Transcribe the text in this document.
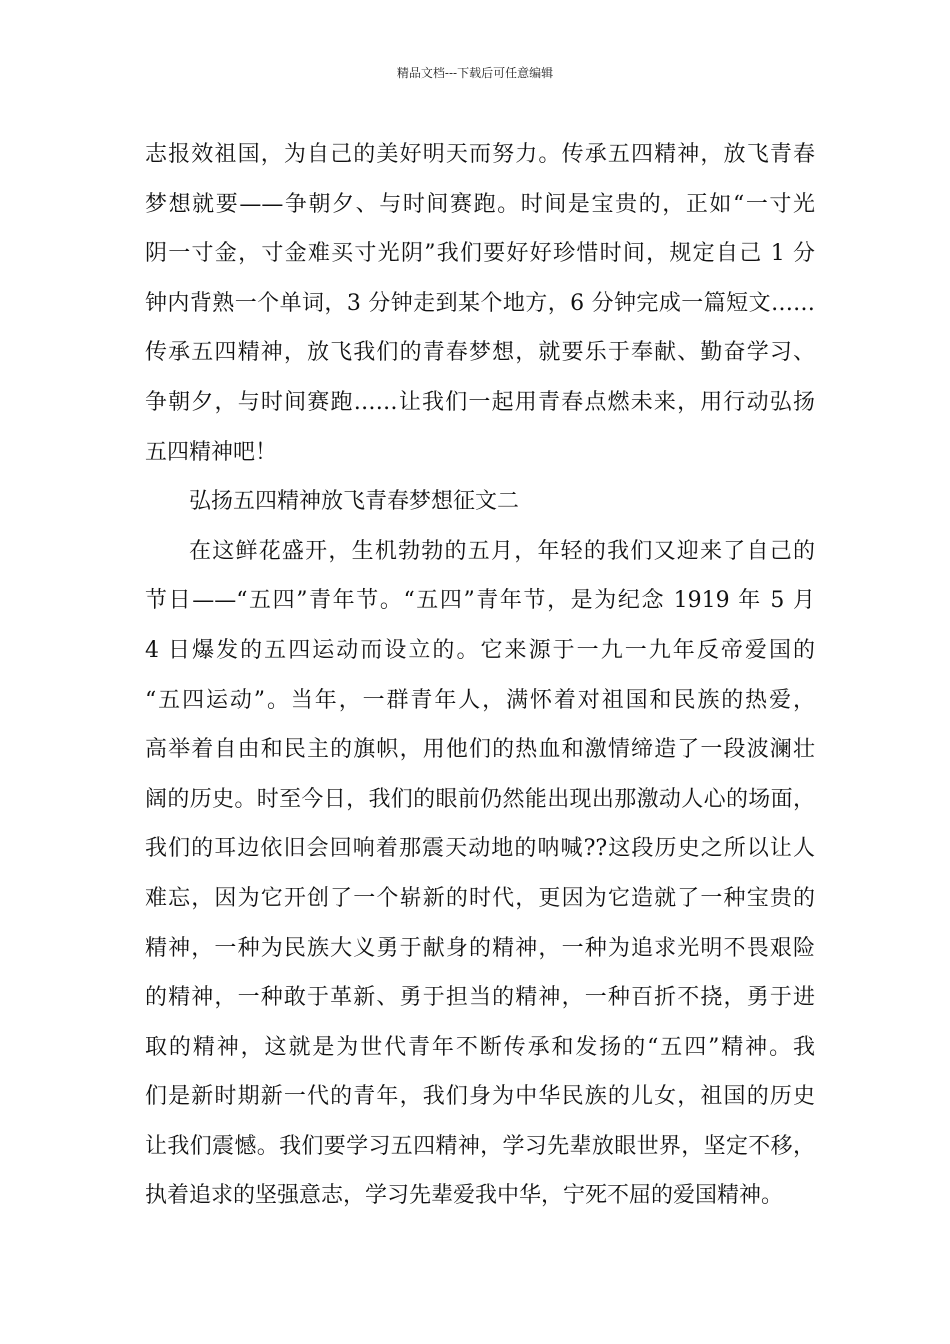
精品文档---下载后可任意编辑
志报效祖国，为自己的美好明天而努力。传承五四精神，放飞青春
梦想就要——争朝夕、与时间赛跑。时间是宝贵的，正如“一寸光
阴一寸金，寸金难买寸光阴”我们要好好珍惜时间，规定自己 1 分
钟内背熟一个单词，3 分钟走到某个地方，6 分钟完成一篇短文……
传承五四精神，放飞我们的青春梦想，就要乐于奉献、勤奋学习、
争朝夕，与时间赛跑……让我们一起用青春点燃未来，用行动弘扬
五四精神吧！
弘扬五四精神放飞青春梦想征文二
在这鲜花盛开，生机勃勃的五月，年轻的我们又迎来了自己的
节日——“五四”青年节。“五四”青年节，是为纪念 1919 年 5 月
4 日爆发的五四运动而设立的。它来源于一九一九年反帝爱国的
“五四运动”。当年，一群青年人，满怀着对祖国和民族的热爱，
高举着自由和民主的旗帜，用他们的热血和激情缔造了一段波澜壮
阔的历史。时至今日，我们的眼前仍然能出现出那激动人心的场面，
我们的耳边依旧会回响着那震天动地的呐喊??这段历史之所以让人
难忘，因为它开创了一个崭新的时代，更因为它造就了一种宝贵的
精神，一种为民族大义勇于献身的精神，一种为追求光明不畏艰险
的精神，一种敢于革新、勇于担当的精神，一种百折不挠，勇于进
取的精神，这就是为世代青年不断传承和发扬的“五四”精神。我
们是新时期新一代的青年，我们身为中华民族的儿女，祖国的历史
让我们震憾。我们要学习五四精神，学习先辈放眼世界，坚定不移，
执着追求的坚强意志，学习先辈爱我中华，宁死不屈的爱国精神。
